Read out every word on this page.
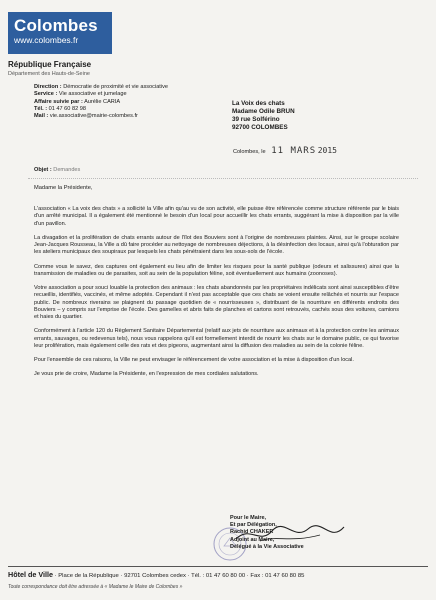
Colombes
www.colombes.fr
République Française
Département des Hauts-de-Seine
Direction : Démocratie de proximité et vie associative
Service : Vie associative et jumelage
Affaire suivie par : Aurélie CARIA
Tél. : 01 47 60 82 98
Mail : vie.associative@mairie-colombes.fr
La Voix des chats
Madame Odile BRUN
39 rue Solférino
92700 COLOMBES
Colombes, le 11 MARS 2015
Objet : Demandes
Madame la Présidente,

L'association « La voix des chats » a sollicité la Ville afin qu'au vu de son activité, elle puisse être référencée comme structure référente par le biais d'un arrêté municipal. Il a également été mentionné le besoin d'un local pour accueillir les chats errants, suggérant la mise à disposition par la ville d'un pavillon.

La divagation et la prolifération de chats errants autour de l'îlot des Bouviers sont à l'origine de nombreuses plaintes. Ainsi, sur le groupe scolaire Jean-Jacques Rousseau, la Ville a dû faire procéder au nettoyage de nombreuses déjections, à la désinfection des locaux, ainsi qu'à l'obturation par les ateliers municipaux des soupiraux par lesquels les chats pénétraient dans les sous-sols de l'école.

Comme vous le savez, des captures ont également eu lieu afin de limiter les risques pour la santé publique (odeurs et salissures) ainsi que la transmission de maladies ou de parasites, soit au sein de la population féline, soit éventuellement aux humains (zoonoses).

Votre association a pour souci louable la protection des animaux : les chats abandonnés par les propriétaires indélicats sont ainsi susceptibles d'être recueillis, identifiés, vaccinés, et même adoptés. Cependant il n'est pas acceptable que ces chats se voient ensuite relâchés et nourris sur l'espace public. De nombreux riverains se plaignent du passage quotidien de « nourrisseuses », distribuant de la nourriture en différents endroits des Bouviers – y compris sur l'emprise de l'école. Des gamelles et abris faits de planches et cartons sont retrouvés, cachés sous des voitures, camions et haies du quartier.

Conformément à l'article 120 du Règlement Sanitaire Départemental (relatif aux jets de nourriture aux animaux et à la protection contre les animaux errants, sauvages, ou redevenus tels), nous vous rappelons qu'il est formellement interdit de nourrir les chats sur le domaine public, ce qui favorise leur prolifération, mais également celle des rats et des pigeons, augmentant ainsi la diffusion des maladies au sein de la colonie féline.

Pour l'ensemble de ces raisons, la Ville ne peut envisager le référencement de votre association et la mise à disposition d'un local.

Je vous prie de croire, Madame la Présidente, en l'expression de mes cordiales salutations.

Pour le Maire,
Et par Délégation,
Rachid CHAKER
Adjoint au Maire,
Délégué à la Vie Associative
Hôtel de Ville · Place de la République · 92701 Colombes cedex · Tél. : 01 47 60 80 00 · Fax : 01 47 60 80 85
Toute correspondance doit être adressée à « Madame le Maire de Colombes »
